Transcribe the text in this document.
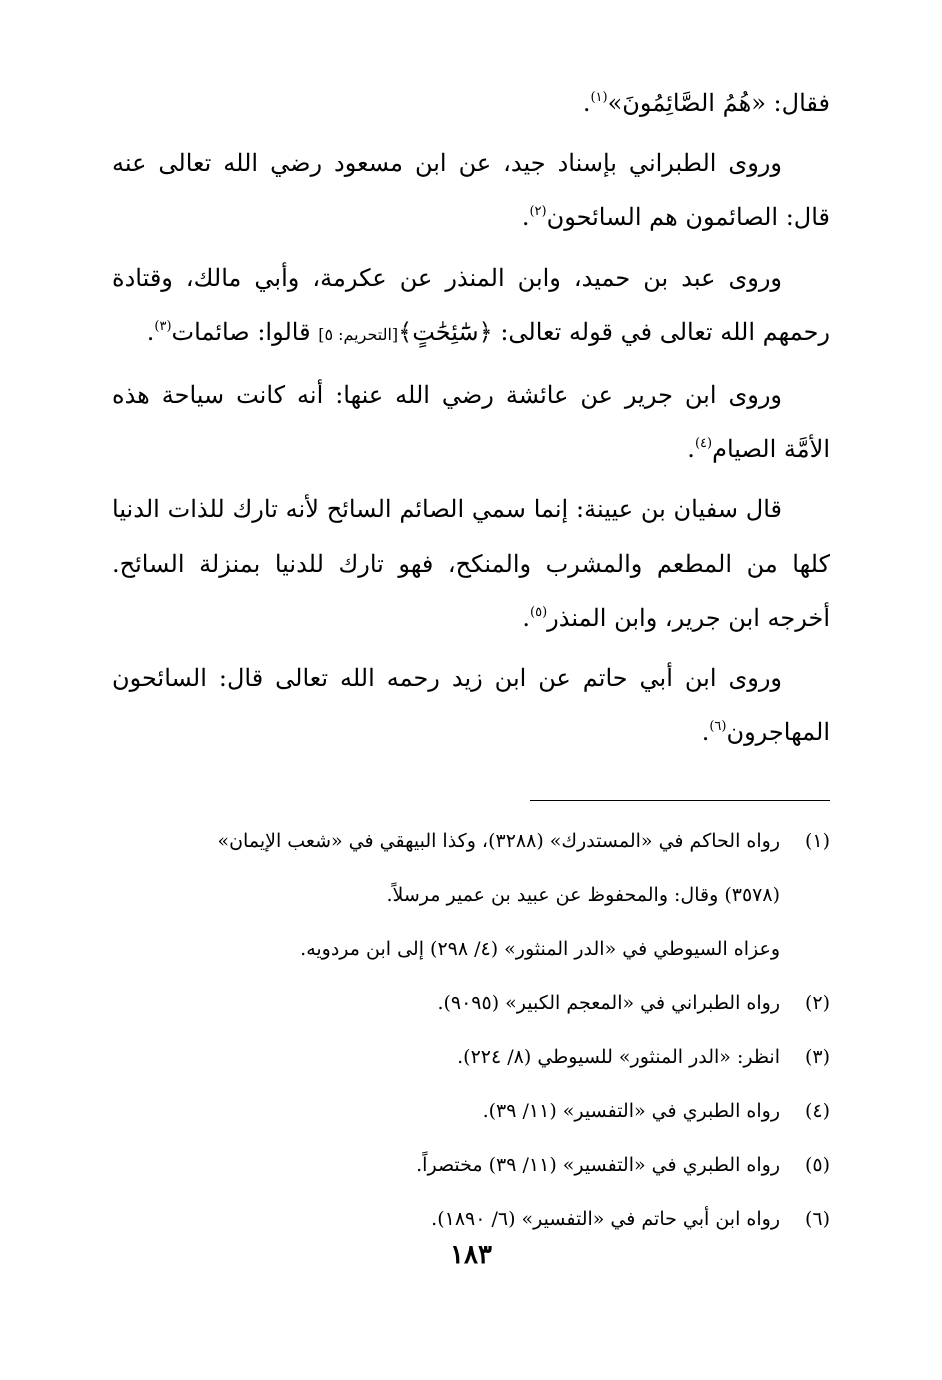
فقال: «هُمُ الصَّائِمُونَ»$^{(١)}$.

وروى الطبراني بإسناد جيد، عن ابن مسعود رضي الله تعالى عنه قال: الصائمون هم السائحون$^{(٢)}$.

وروى عبد بن حميد، وابن المنذر عن عكرمة، وأبي مالك، وقتادة رحمهم الله تعالى في قوله تعالى: ﴿سَٰٓئِحَٰتٍ﴾[التحريم: ٥] قالوا: صائمات$^{(٣)}$.

وروى ابن جرير عن عائشة رضي الله عنها: أنه كانت سياحة هذه الأمَّة الصيام$^{(٤)}$.

قال سفيان بن عيينة: إنما سمي الصائم السائح لأنه تارك للذات الدنيا كلها من المطعم والمشرب والمنكح، فهو تارك للدنيا بمنزلة السائح. أخرجه ابن جرير، وابن المنذر$^{(٥)}$.

وروى ابن أبي حاتم عن ابن زيد رحمه الله تعالى قال: السائحون المهاجرون$^{(٦)}$.

(١)رواه الحاكم في «المستدرك» (٣٢٨٨)، وكذا البيهقي في «شعب الإيمان»

(٣٥٧٨) وقال: والمحفوظ عن عبيد بن عمير مرسلاً.

وعزاه السيوطي في «الدر المنثور» (٤/ ٢٩٨) إلى ابن مردويه.

(٢)رواه الطبراني في «المعجم الكبير» (٩٠٩٥).

(٣)انظر: «الدر المنثور» للسيوطي (٨/ ٢٢٤).

(٤)رواه الطبري في «التفسير» (١١/ ٣٩).

(٥)رواه الطبري في «التفسير» (١١/ ٣٩) مختصراً.

(٦)رواه ابن أبي حاتم في «التفسير» (٦/ ١٨٩٠).

١٨٣
